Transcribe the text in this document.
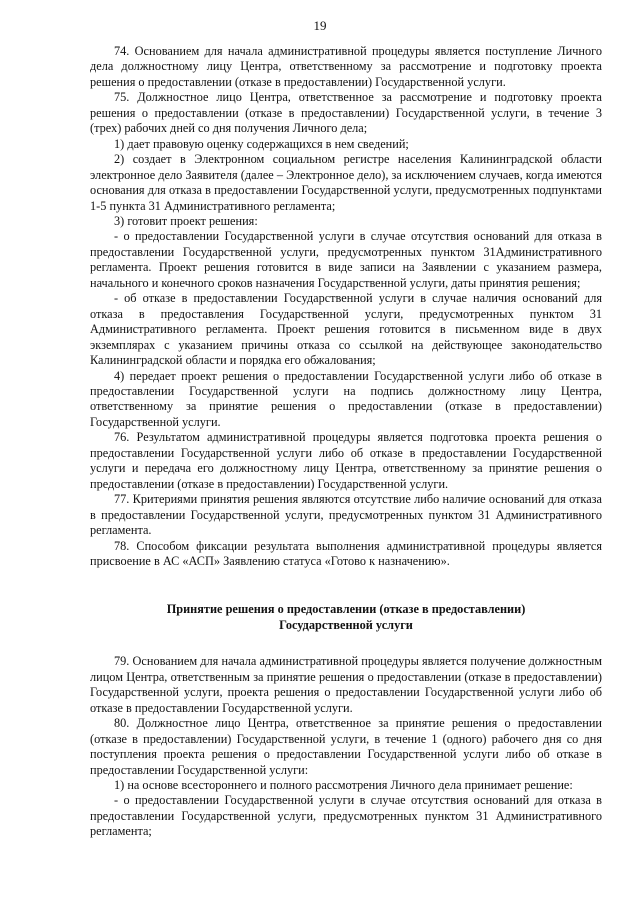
19

74. Основанием для начала административной процедуры является поступление Личного дела должностному лицу Центра, ответственному за рассмотрение и подготовку проекта решения о предоставлении (отказе в предоставлении) Государственной услуги.

75. Должностное лицо Центра, ответственное за рассмотрение и подготовку проекта решения о предоставлении (отказе в предоставлении) Государственной услуги, в течение 3 (трех) рабочих дней со дня получения Личного дела;

1) дает правовую оценку содержащихся в нем сведений;

2) создает в Электронном социальном регистре населения Калининградской области электронное дело Заявителя (далее – Электронное дело), за исключением случаев, когда имеются основания для отказа в предоставлении Государственной услуги, предусмотренных подпунктами 1-5 пункта 31 Административного регламента;

3) готовит проект решения:

- о предоставлении Государственной услуги в случае отсутствия оснований для отказа в предоставлении Государственной услуги, предусмотренных пунктом 31Административного регламента. Проект решения готовится в виде записи на Заявлении с указанием размера, начального и конечного сроков назначения Государственной услуги, даты принятия решения;

- об отказе в предоставлении Государственной услуги в случае наличия оснований для отказа в предоставления Государственной услуги, предусмотренных пунктом 31 Административного регламента. Проект решения готовится в письменном виде в двух экземплярах с указанием причины отказа со ссылкой на действующее законодательство Калининградской области и порядка его обжалования;

4) передает проект решения о предоставлении Государственной услуги либо об отказе в предоставлении Государственной услуги на подпись должностному лицу Центра, ответственному за принятие решения о предоставлении (отказе в предоставлении) Государственной услуги.

76. Результатом административной процедуры является подготовка проекта решения о предоставлении Государственной услуги либо об отказе в предоставлении Государственной услуги и передача его должностному лицу Центра, ответственному за принятие решения о предоставлении (отказе в предоставлении) Государственной услуги.

77. Критериями принятия решения являются отсутствие либо наличие оснований для отказа в предоставлении Государственной услуги, предусмотренных пунктом 31 Административного регламента.

78. Способом фиксации результата выполнения административной процедуры является присвоение в АС «АСП» Заявлению статуса «Готово к назначению».

Принятие решения о предоставлении (отказе в предоставлении)
Государственной услуги

79. Основанием для начала административной процедуры является получение должностным лицом Центра, ответственным за принятие решения о предоставлении (отказе в предоставлении) Государственной услуги, проекта решения о предоставлении Государственной услуги либо об отказе в предоставлении Государственной услуги.

80. Должностное лицо Центра, ответственное за принятие решения о предоставлении (отказе в предоставлении) Государственной услуги, в течение 1 (одного) рабочего дня со дня поступления проекта решения о предоставлении Государственной услуги либо об отказе в предоставлении Государственной услуги:

1) на основе всестороннего и полного рассмотрения Личного дела принимает решение:

- о предоставлении Государственной услуги в случае отсутствия оснований для отказа в предоставлении Государственной услуги, предусмотренных пунктом 31 Административного регламента;
